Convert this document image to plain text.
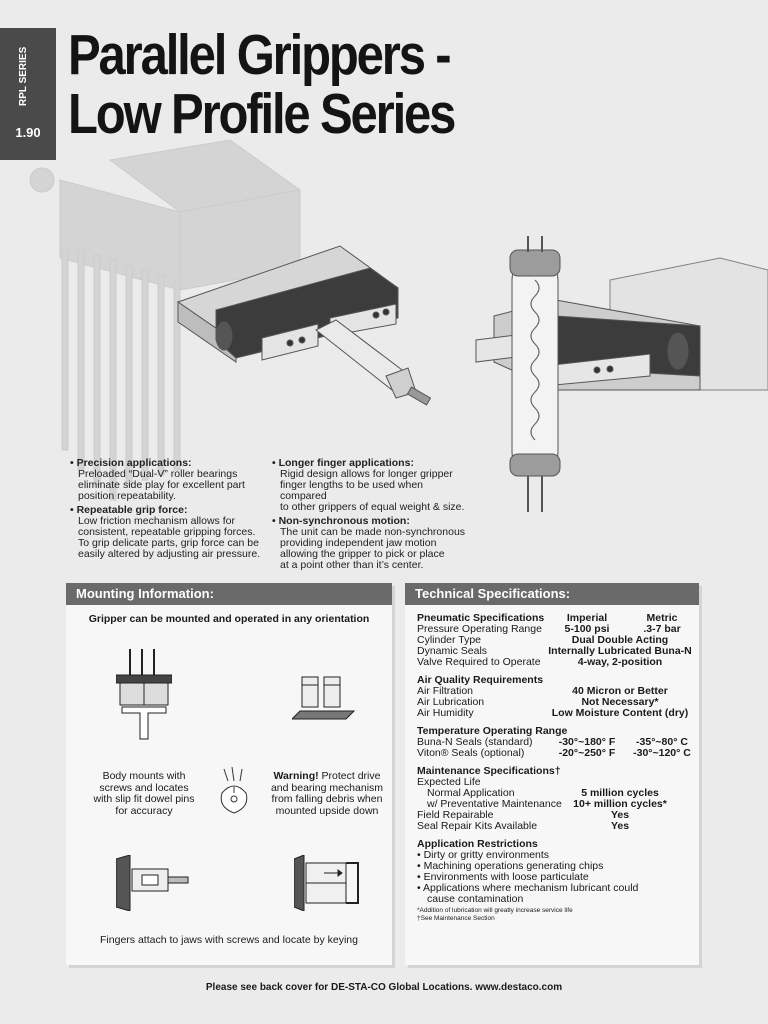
RPL SERIES
1.90
Parallel Grippers -
Low Profile Series
• Precision applications:
Preloaded “Dual-V” roller bearings
eliminate side play for excellent part
position repeatability.
• Repeatable grip force:
Low friction mechanism allows for
consistent, repeatable gripping forces.
To grip delicate parts, grip force can be
easily altered by adjusting air pressure.
• Longer finger applications:
Rigid design allows for longer gripper
finger lengths to be used when compared
to other grippers of equal weight & size.
• Non-synchronous motion:
The unit can be made non-synchronous
providing independent jaw motion
allowing the gripper to pick or place
at a point other than it’s center.
Mounting Information:
Gripper can be mounted and operated in any orientation
Body mounts with
screws and locates
with slip fit dowel pins
for accuracy
Warning! Protect drive
and bearing mechanism
from falling debris when
mounted upside down
Fingers attach to jaws with screws and locate by keying
Technical Specifications:
Pneumatic Specifications	Imperial	Metric
Pressure Operating Range	5-100 psi	.3-7 bar
Cylinder Type	Dual Double Acting
Dynamic Seals	Internally Lubricated Buna-N
Valve Required to Operate	4-way, 2-position
Air Quality Requirements
Air Filtration	40 Micron or Better
Air Lubrication	Not Necessary*
Air Humidity	Low Moisture Content (dry)
Temperature Operating Range
Buna-N Seals (standard)	-30°~180° F	-35°~80° C
Viton® Seals (optional)	-20°~250° F	-30°~120° C
Maintenance Specifications†
Expected Life
Normal Application	5 million cycles
w/ Preventative Maintenance	10+ million cycles*
Field Repairable	Yes
Seal Repair Kits Available	Yes
Application Restrictions
• Dirty or gritty environments
• Machining operations generating chips
• Environments with loose particulate
• Applications where mechanism lubricant could
cause contamination
*Addition of lubrication will greatly increase service life
†See Maintenance Section
Please see back cover for DE-STA-CO Global Locations. www.destaco.com
